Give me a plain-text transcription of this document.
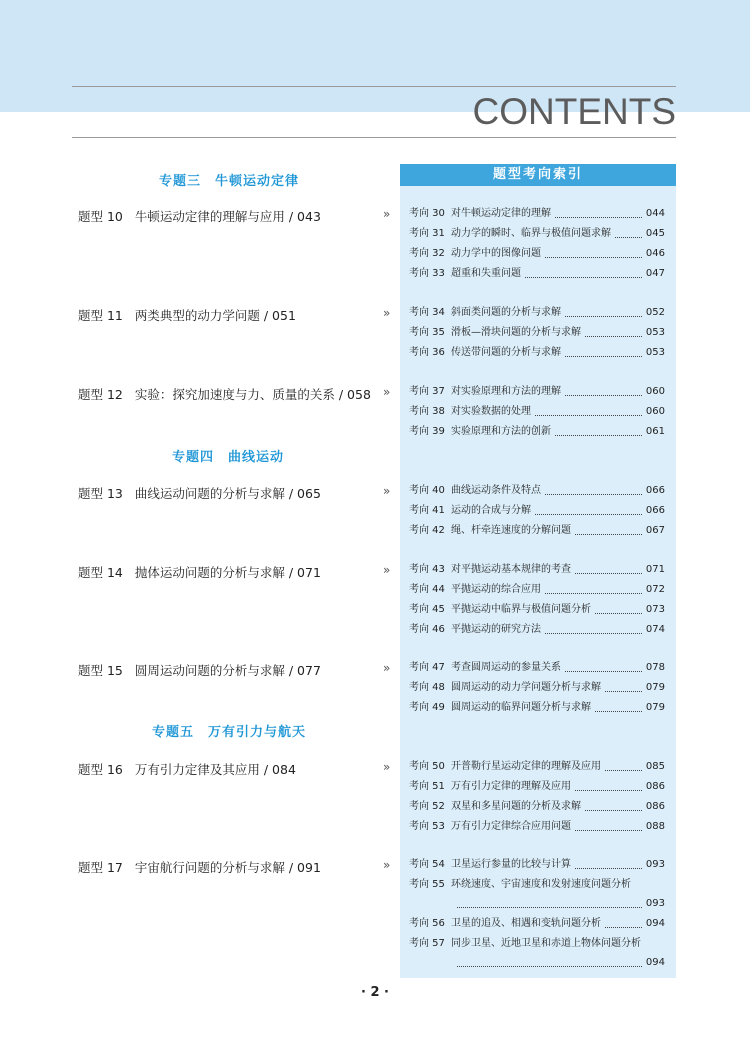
CONTENTS
题型考向索引
专题三　牛顿运动定律
专题四　曲线运动
专题五　万有引力与航天
题型 10 牛顿运动定律的理解与应用 / 043	»
题型 11 两类典型的动力学问题 / 051	»
题型 12 实验：探究加速度与力、质量的关系 / 058 »
题型 13 曲线运动问题的分析与求解 / 065	»
题型 14 抛体运动问题的分析与求解 / 071	»
题型 15 圆周运动问题的分析与求解 / 077	»
题型 16 万有引力定律及其应用 / 084	»
题型 17 宇宙航行问题的分析与求解 / 091	»
考向 30 对牛顿运动定律的理解	044
考向 31 动力学的瞬时、临界与极值问题求解	045
考向 32 动力学中的图像问题	046
考向 33 超重和失重问题	047
考向 34 斜面类问题的分析与求解	052
考向 35 滑板—滑块问题的分析与求解	053
考向 36 传送带问题的分析与求解	053
考向 37 对实验原理和方法的理解	060
考向 38 对实验数据的处理	060
考向 39 实验原理和方法的创新	061
考向 40 曲线运动条件及特点	066
考向 41 运动的合成与分解	066
考向 42 绳、杆牵连速度的分解问题	067
考向 43 对平抛运动基本规律的考查	071
考向 44 平抛运动的综合应用	072
考向 45 平抛运动中临界与极值问题分析	073
考向 46 平抛运动的研究方法	074
考向 47 考查圆周运动的参量关系	078
考向 48 圆周运动的动力学问题分析与求解	079
考向 49 圆周运动的临界问题分析与求解	079
考向 50 开普勒行星运动定律的理解及应用	085
考向 51 万有引力定律的理解及应用	086
考向 52 双星和多星问题的分析及求解	086
考向 53 万有引力定律综合应用问题	088
考向 54 卫星运行参量的比较与计算	093
考向 55 环绕速度、宇宙速度和发射速度问题分析
093
考向 56 卫星的追及、相遇和变轨问题分析	094
考向 57 同步卫星、近地卫星和赤道上物体问题分析
094
· 2 ·
